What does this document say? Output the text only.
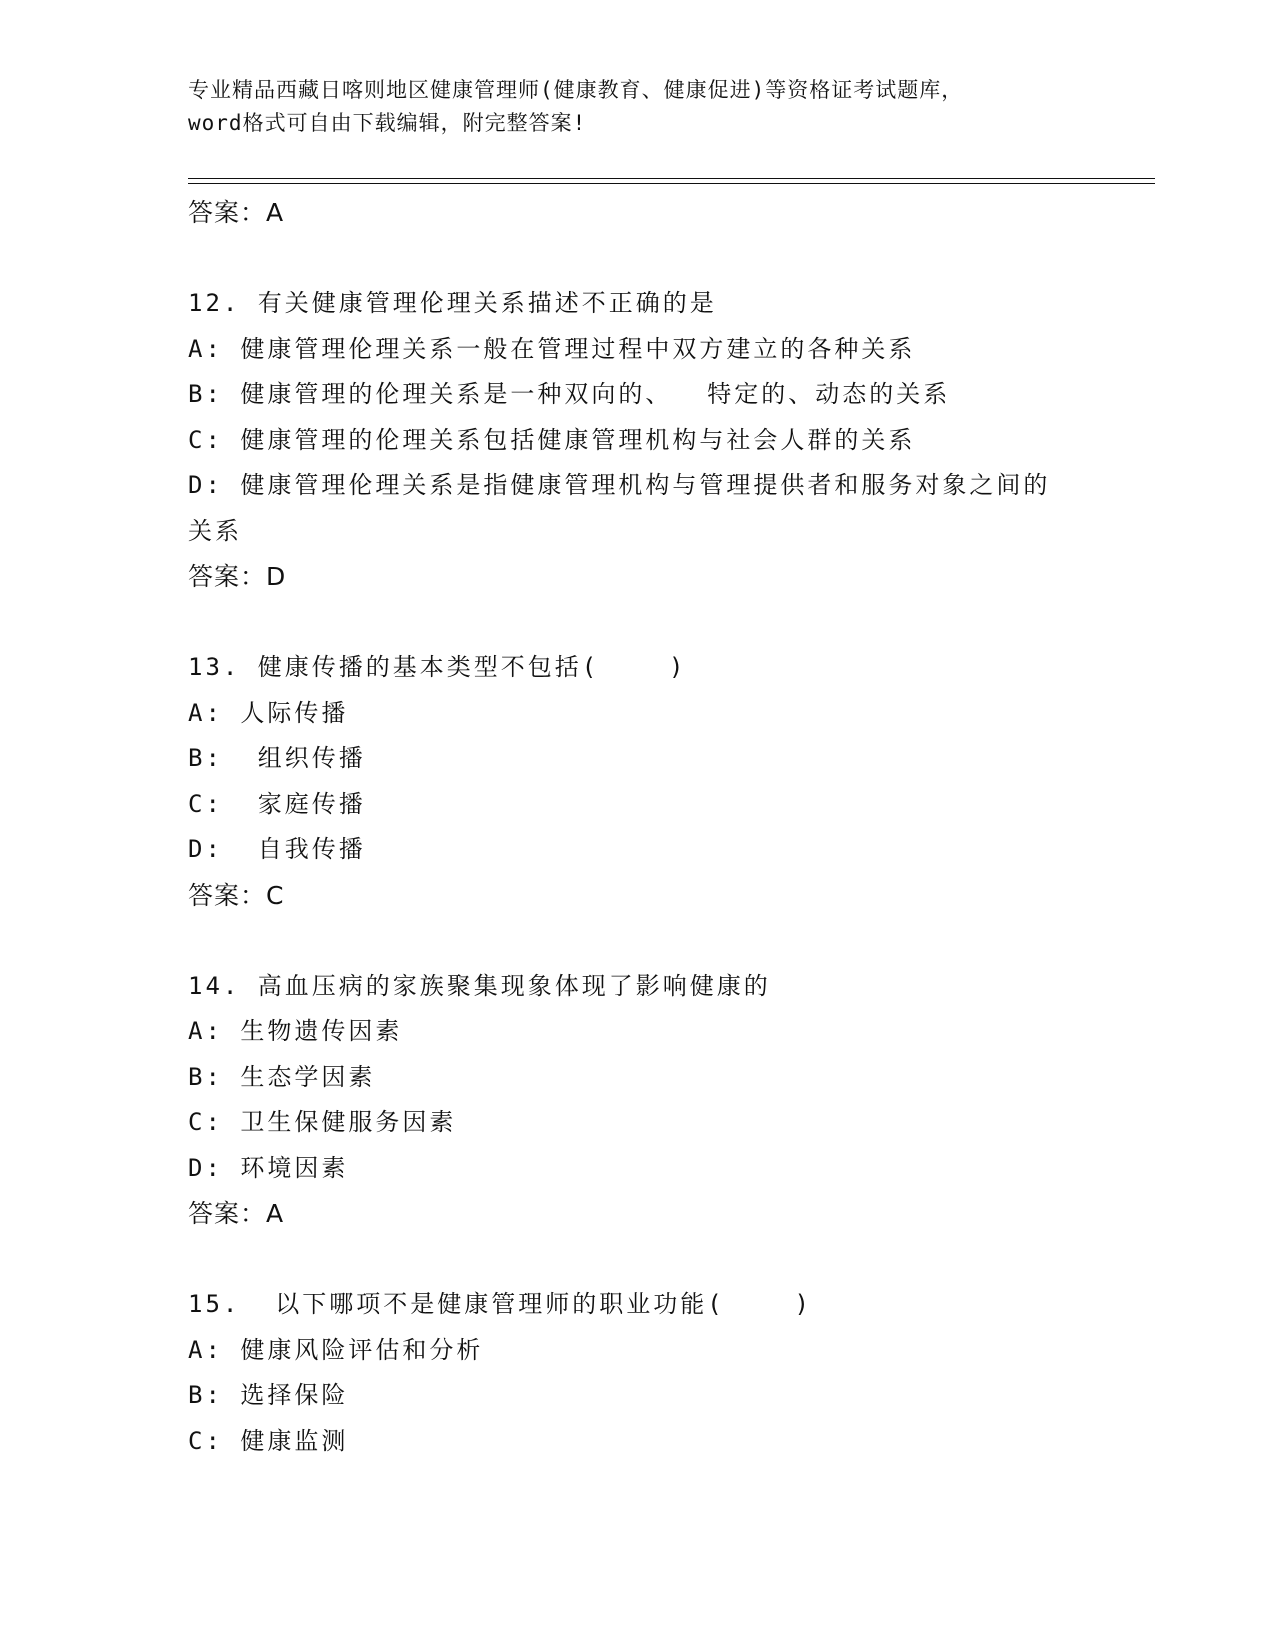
专业精品西藏日喀则地区健康管理师(健康教育、健康促进)等资格证考试题库，
word格式可自由下载编辑，附完整答案!
答案：A
12. 有关健康管理伦理关系描述不正确的是
A: 健康管理伦理关系一般在管理过程中双方建立的各种关系
B: 健康管理的伦理关系是一种双向的、  特定的、动态的关系
C: 健康管理的伦理关系包括健康管理机构与社会人群的关系
D: 健康管理伦理关系是指健康管理机构与管理提供者和服务对象之间的关系
答案：D
13. 健康传播的基本类型不包括(    )
A: 人际传播
B:  组织传播
C:  家庭传播
D:  自我传播
答案：C
14. 高血压病的家族聚集现象体现了影响健康的
A: 生物遗传因素
B: 生态学因素
C: 卫生保健服务因素
D: 环境因素
答案：A
15.  以下哪项不是健康管理师的职业功能(    )
A: 健康风险评估和分析
B: 选择保险
C: 健康监测
